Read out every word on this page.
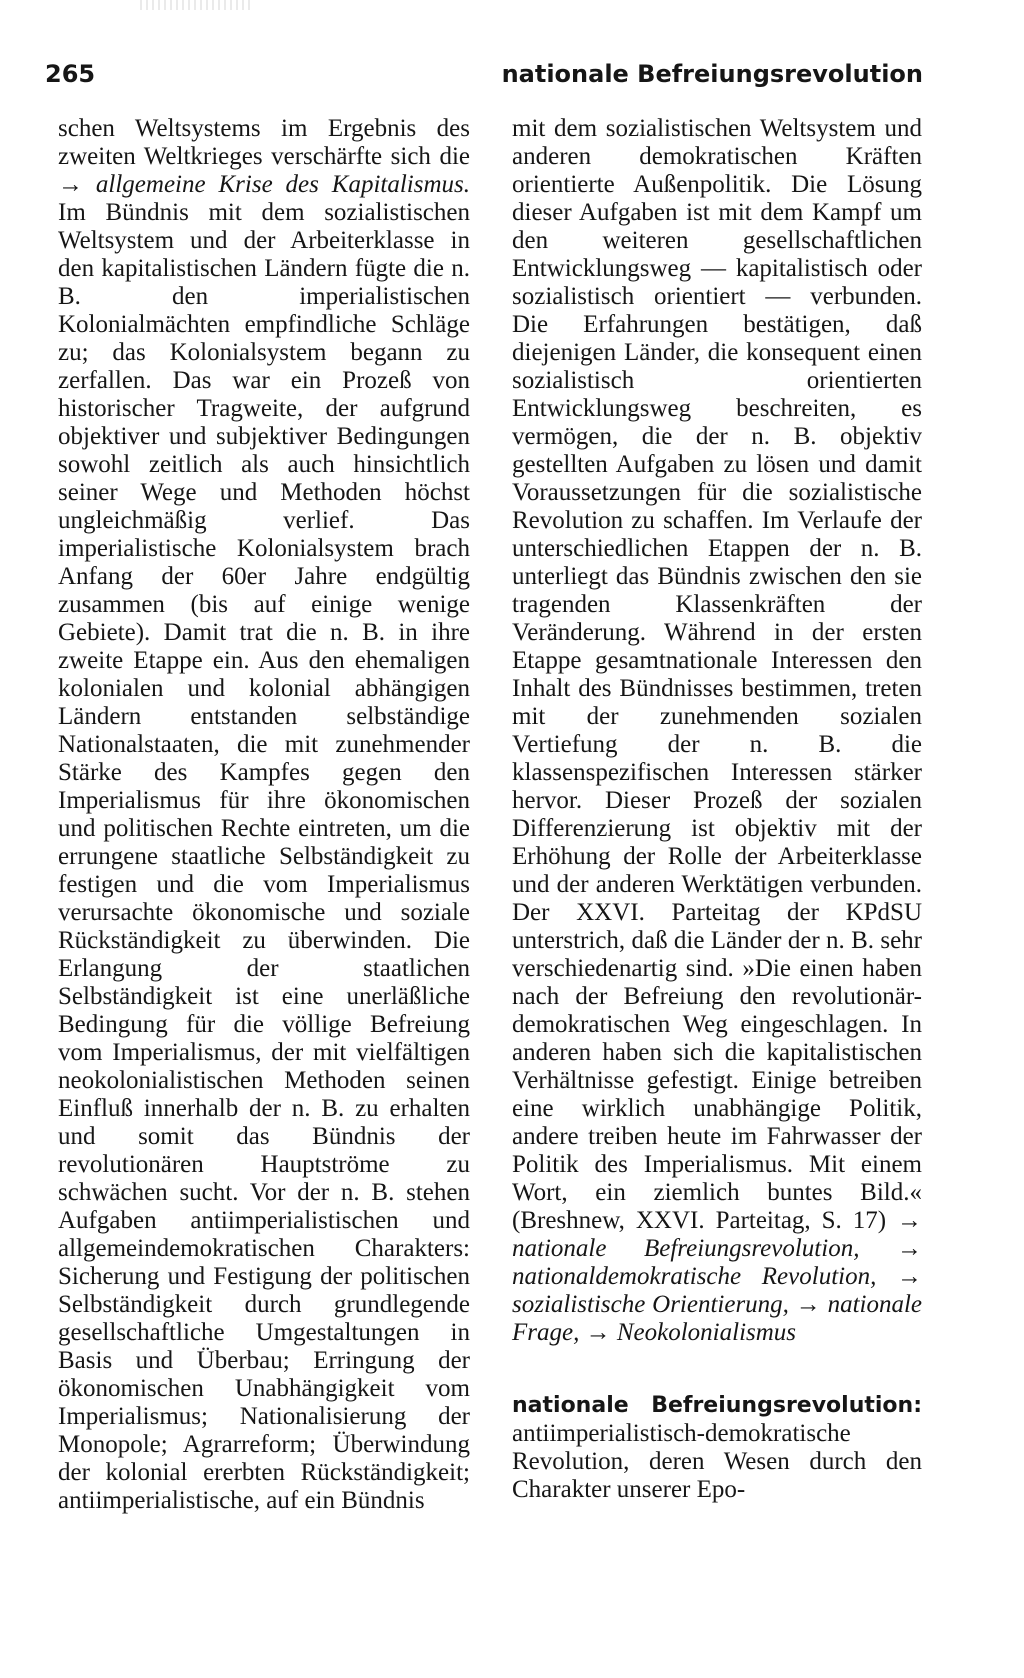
265	nationale Befreiungsrevolution

schen Weltsystems im Ergebnis des zweiten Weltkrieges verschärfte sich die → allgemeine Krise des Kapitalismus. Im Bündnis mit dem sozialistischen Weltsystem und der Arbeiterklasse in den kapitalistischen Ländern fügte die n. B. den imperialistischen Kolonialmächten empfindliche Schläge zu; das Kolonialsystem begann zu zerfallen. Das war ein Prozeß von historischer Tragweite, der aufgrund objektiver und subjektiver Bedingungen sowohl zeitlich als auch hinsichtlich seiner Wege und Methoden höchst ungleichmäßig verlief. Das imperialistische Kolonialsystem brach Anfang der 60er Jahre endgültig zusammen (bis auf einige wenige Gebiete). Damit trat die n. B. in ihre zweite Etappe ein. Aus den ehemaligen kolonialen und kolonial abhängigen Ländern entstanden selbständige Nationalstaaten, die mit zunehmender Stärke des Kampfes gegen den Imperialismus für ihre ökonomischen und politischen Rechte eintreten, um die errungene staatliche Selbständigkeit zu festigen und die vom Imperialismus verursachte ökonomische und soziale Rückständigkeit zu überwinden. Die Erlangung der staatlichen Selbständigkeit ist eine unerläßliche Bedingung für die völlige Befreiung vom Imperialismus, der mit vielfältigen neokolonialistischen Methoden seinen Einfluß innerhalb der n. B. zu erhalten und somit das Bündnis der revolutionären Hauptströme zu schwächen sucht. Vor der n. B. stehen Aufgaben antiimperialistischen und allgemeindemokratischen Charakters: Sicherung und Festigung der politischen Selbständigkeit durch grundlegende gesellschaftliche Umgestaltungen in Basis und Überbau; Erringung der ökonomischen Unabhängigkeit vom Imperialismus; Nationalisierung der Monopole; Agrarreform; Überwindung der kolonial ererbten Rückständigkeit; antiimperialistische, auf ein Bündnis

mit dem sozialistischen Weltsystem und anderen demokratischen Kräften orientierte Außenpolitik. Die Lösung dieser Aufgaben ist mit dem Kampf um den weiteren gesellschaftlichen Entwicklungsweg — kapitalistisch oder sozialistisch orientiert — verbunden. Die Erfahrungen bestätigen, daß diejenigen Länder, die konsequent einen sozialistisch orientierten Entwicklungsweg beschreiten, es vermögen, die der n. B. objektiv gestellten Aufgaben zu lösen und damit Voraussetzungen für die sozialistische Revolution zu schaffen. Im Verlaufe der unterschiedlichen Etappen der n. B. unterliegt das Bündnis zwischen den sie tragenden Klassenkräften der Veränderung. Während in der ersten Etappe gesamtnationale Interessen den Inhalt des Bündnisses bestimmen, treten mit der zunehmenden sozialen Vertiefung der n. B. die klassenspezifischen Interessen stärker hervor. Dieser Prozeß der sozialen Differenzierung ist objektiv mit der Erhöhung der Rolle der Arbeiterklasse und der anderen Werktätigen verbunden. Der XXVI. Parteitag der KPdSU unterstrich, daß die Länder der n. B. sehr verschiedenartig sind. »Die einen haben nach der Befreiung den revolutionär-demokratischen Weg eingeschlagen. In anderen haben sich die kapitalistischen Verhältnisse gefestigt. Einige betreiben eine wirklich unabhängige Politik, andere treiben heute im Fahrwasser der Politik des Imperialismus. Mit einem Wort, ein ziemlich buntes Bild.« (Breshnew, XXVI. Parteitag, S. 17) → nationale Befreiungsrevolution, → nationaldemokratische Revolution, → sozialistische Orientierung, → nationale Frage, → Neokolonialismus

nationale Befreiungsrevolution: antiimperialistisch-demokratische Revolution, deren Wesen durch den Charakter unserer Epo-
